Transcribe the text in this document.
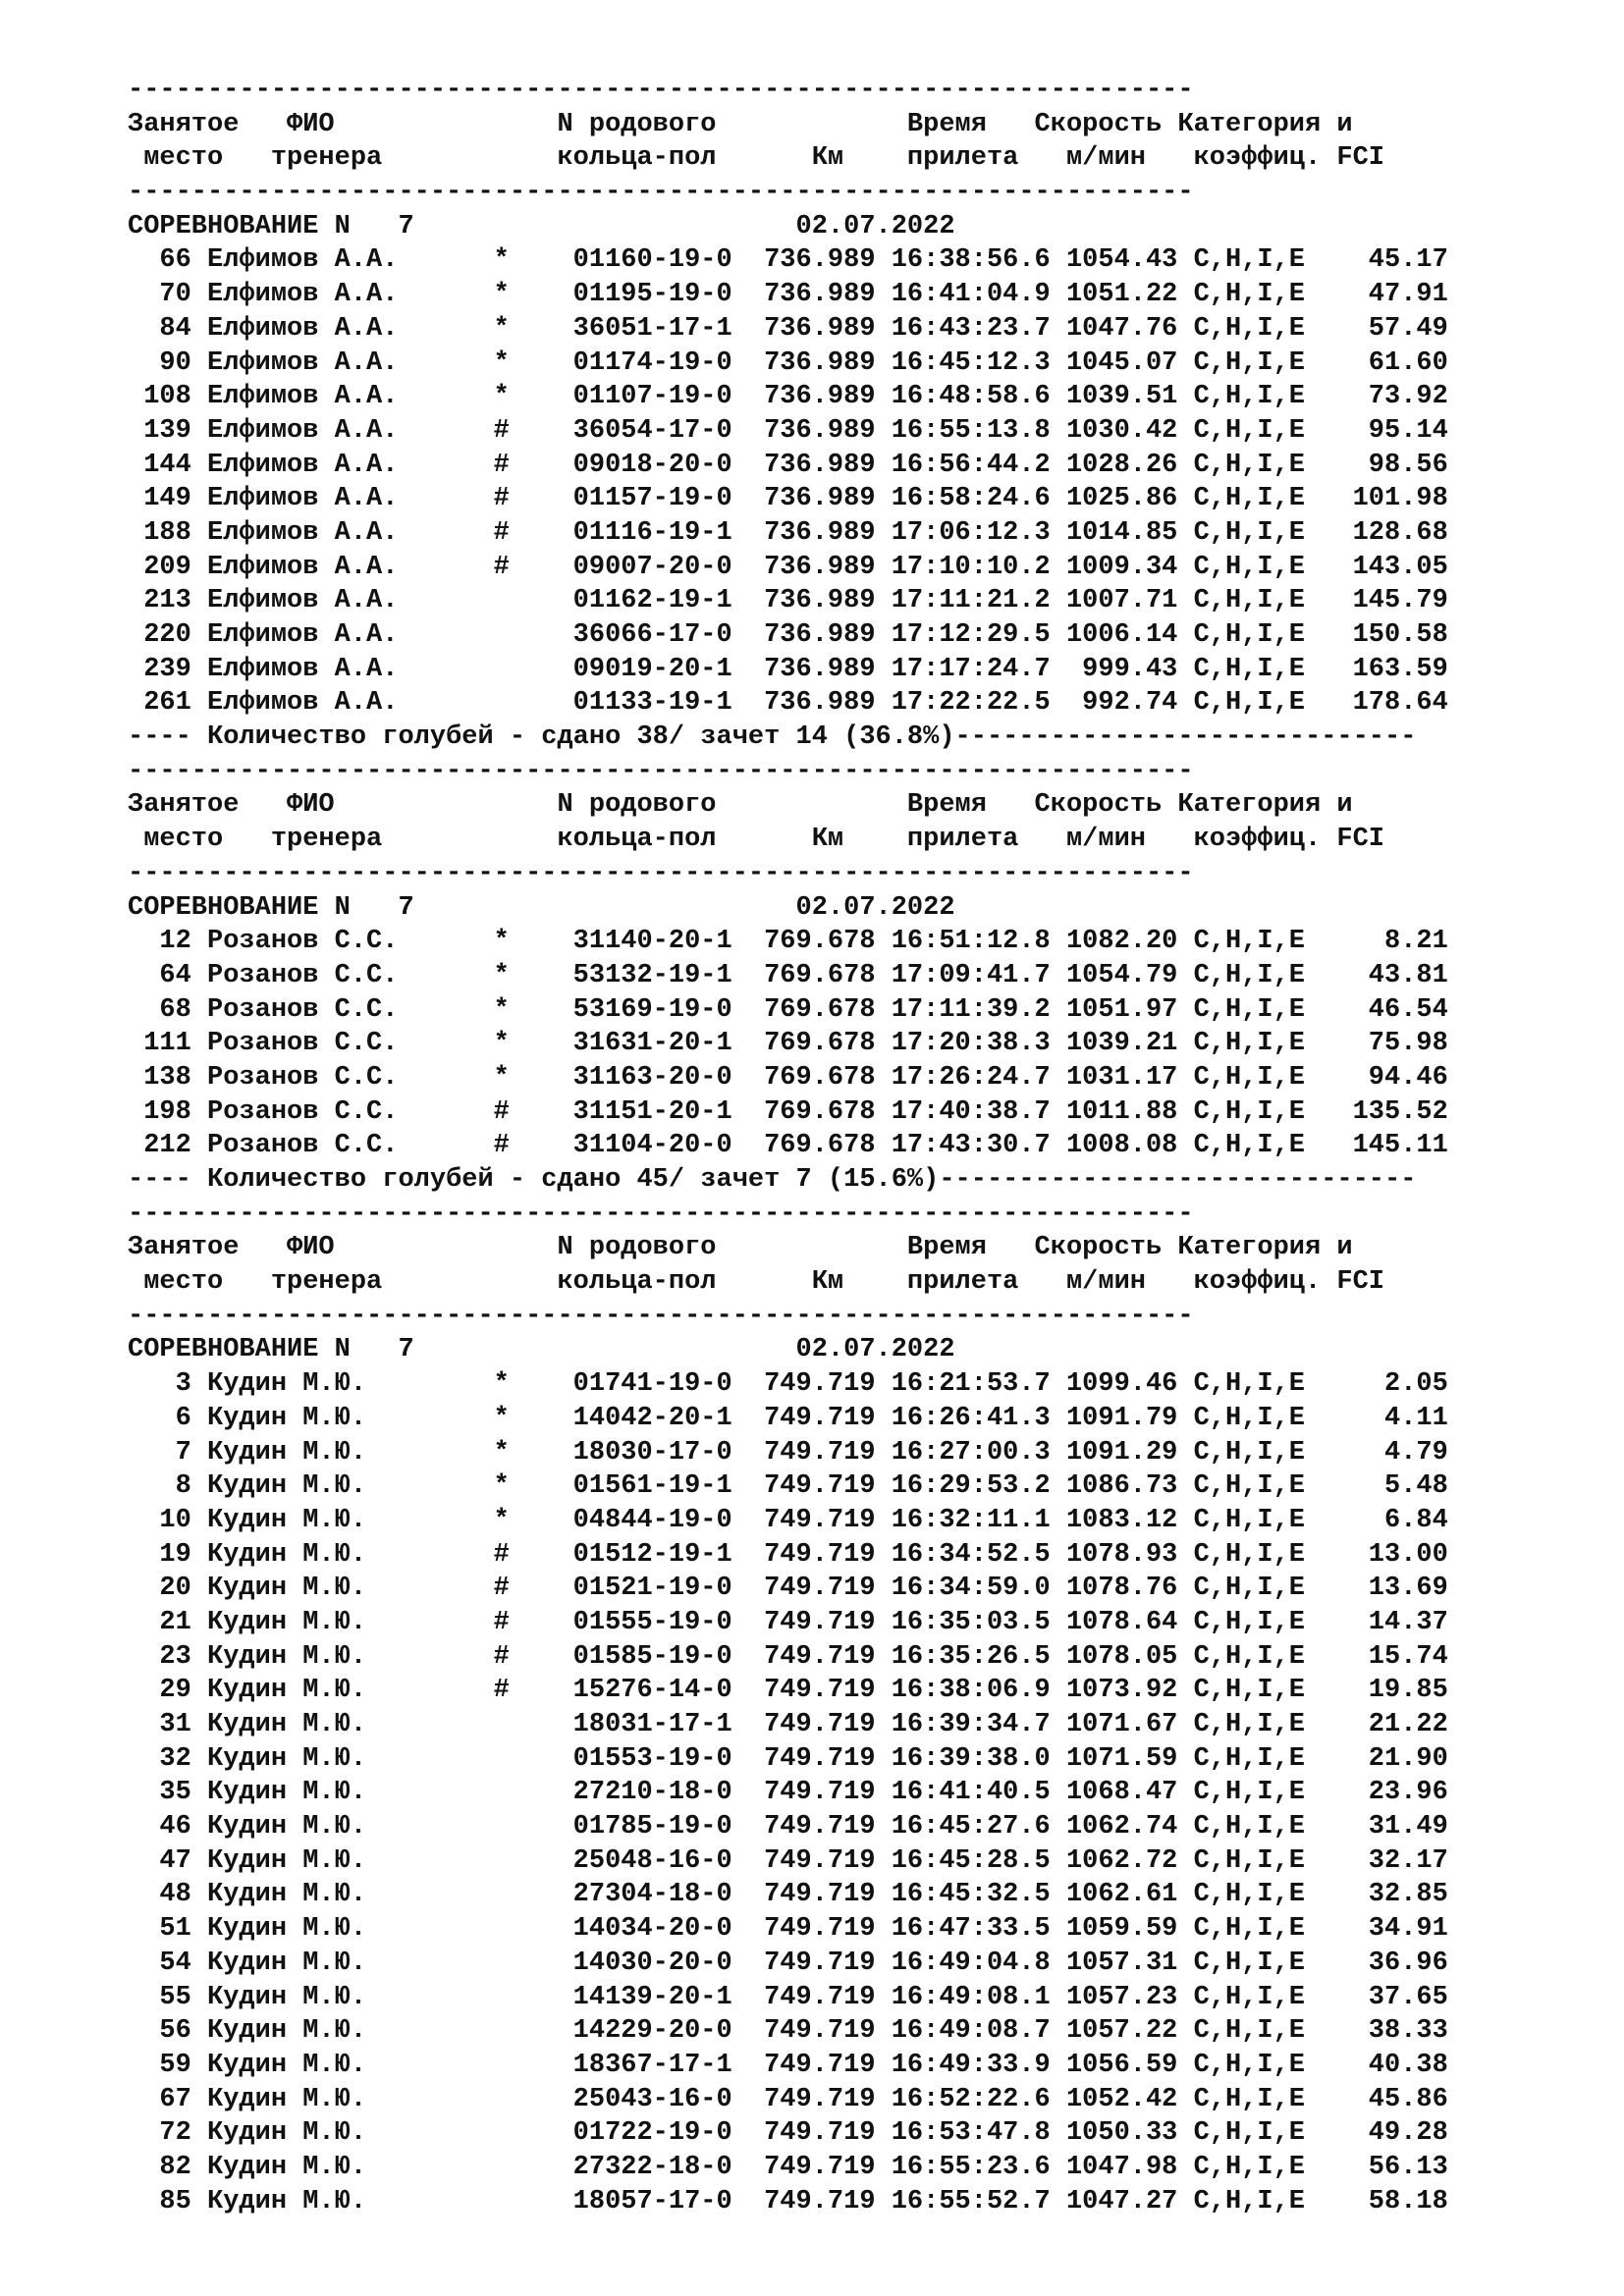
-------------------------------------------------------------------
Занятое   ФИО              N родового            Время   Скорость Категория и
место   тренера           кольца-пол      Км    прилета   м/мин   коэффиц. FCI
-------------------------------------------------------------------
СОРЕВНОВАНИЕ N   7                        02.07.2022
66 Елфимов А.А.      *    01160-19-0  736.989 16:38:56.6 1054.43 C,H,I,E    45.17
70 Елфимов А.А.      *    01195-19-0  736.989 16:41:04.9 1051.22 C,H,I,E    47.91
84 Елфимов А.А.      *    36051-17-1  736.989 16:43:23.7 1047.76 C,H,I,E    57.49
90 Елфимов А.А.      *    01174-19-0  736.989 16:45:12.3 1045.07 C,H,I,E    61.60
108 Елфимов А.А.      *    01107-19-0  736.989 16:48:58.6 1039.51 C,H,I,E    73.92
139 Елфимов А.А.      #    36054-17-0  736.989 16:55:13.8 1030.42 C,H,I,E    95.14
144 Елфимов А.А.      #    09018-20-0  736.989 16:56:44.2 1028.26 C,H,I,E    98.56
149 Елфимов А.А.      #    01157-19-0  736.989 16:58:24.6 1025.86 C,H,I,E   101.98
188 Елфимов А.А.      #    01116-19-1  736.989 17:06:12.3 1014.85 C,H,I,E   128.68
209 Елфимов А.А.      #    09007-20-0  736.989 17:10:10.2 1009.34 C,H,I,E   143.05
213 Елфимов А.А.           01162-19-1  736.989 17:11:21.2 1007.71 C,H,I,E   145.79
220 Елфимов А.А.           36066-17-0  736.989 17:12:29.5 1006.14 C,H,I,E   150.58
239 Елфимов А.А.           09019-20-1  736.989 17:17:24.7  999.43 C,H,I,E   163.59
261 Елфимов А.А.           01133-19-1  736.989 17:22:22.5  992.74 C,H,I,E   178.64
---- Количество голубей - сдано 38/ зачет 14 (36.8%)-----------------------------
-------------------------------------------------------------------
Занятое   ФИО              N родового            Время   Скорость Категория и
место   тренера           кольца-пол      Км    прилета   м/мин   коэффиц. FCI
-------------------------------------------------------------------
СОРЕВНОВАНИЕ N   7                        02.07.2022
12 Розанов С.С.      *    31140-20-1  769.678 16:51:12.8 1082.20 C,H,I,E     8.21
64 Розанов С.С.      *    53132-19-1  769.678 17:09:41.7 1054.79 C,H,I,E    43.81
68 Розанов С.С.      *    53169-19-0  769.678 17:11:39.2 1051.97 C,H,I,E    46.54
111 Розанов С.С.      *    31631-20-1  769.678 17:20:38.3 1039.21 C,H,I,E    75.98
138 Розанов С.С.      *    31163-20-0  769.678 17:26:24.7 1031.17 C,H,I,E    94.46
198 Розанов С.С.      #    31151-20-1  769.678 17:40:38.7 1011.88 C,H,I,E   135.52
212 Розанов С.С.      #    31104-20-0  769.678 17:43:30.7 1008.08 C,H,I,E   145.11
---- Количество голубей - сдано 45/ зачет 7 (15.6%)------------------------------
-------------------------------------------------------------------
Занятое   ФИО              N родового            Время   Скорость Категория и
место   тренера           кольца-пол      Км    прилета   м/мин   коэффиц. FCI
-------------------------------------------------------------------
СОРЕВНОВАНИЕ N   7                        02.07.2022
3 Кудин М.Ю.        *    01741-19-0  749.719 16:21:53.7 1099.46 C,H,I,E     2.05
6 Кудин М.Ю.        *    14042-20-1  749.719 16:26:41.3 1091.79 C,H,I,E     4.11
7 Кудин М.Ю.        *    18030-17-0  749.719 16:27:00.3 1091.29 C,H,I,E     4.79
8 Кудин М.Ю.        *    01561-19-1  749.719 16:29:53.2 1086.73 C,H,I,E     5.48
10 Кудин М.Ю.        *    04844-19-0  749.719 16:32:11.1 1083.12 C,H,I,E     6.84
19 Кудин М.Ю.        #    01512-19-1  749.719 16:34:52.5 1078.93 C,H,I,E    13.00
20 Кудин М.Ю.        #    01521-19-0  749.719 16:34:59.0 1078.76 C,H,I,E    13.69
21 Кудин М.Ю.        #    01555-19-0  749.719 16:35:03.5 1078.64 C,H,I,E    14.37
23 Кудин М.Ю.        #    01585-19-0  749.719 16:35:26.5 1078.05 C,H,I,E    15.74
29 Кудин М.Ю.        #    15276-14-0  749.719 16:38:06.9 1073.92 C,H,I,E    19.85
31 Кудин М.Ю.             18031-17-1  749.719 16:39:34.7 1071.67 C,H,I,E    21.22
32 Кудин М.Ю.             01553-19-0  749.719 16:39:38.0 1071.59 C,H,I,E    21.90
35 Кудин М.Ю.             27210-18-0  749.719 16:41:40.5 1068.47 C,H,I,E    23.96
46 Кудин М.Ю.             01785-19-0  749.719 16:45:27.6 1062.74 C,H,I,E    31.49
47 Кудин М.Ю.             25048-16-0  749.719 16:45:28.5 1062.72 C,H,I,E    32.17
48 Кудин М.Ю.             27304-18-0  749.719 16:45:32.5 1062.61 C,H,I,E    32.85
51 Кудин М.Ю.             14034-20-0  749.719 16:47:33.5 1059.59 C,H,I,E    34.91
54 Кудин М.Ю.             14030-20-0  749.719 16:49:04.8 1057.31 C,H,I,E    36.96
55 Кудин М.Ю.             14139-20-1  749.719 16:49:08.1 1057.23 C,H,I,E    37.65
56 Кудин М.Ю.             14229-20-0  749.719 16:49:08.7 1057.22 C,H,I,E    38.33
59 Кудин М.Ю.             18367-17-1  749.719 16:49:33.9 1056.59 C,H,I,E    40.38
67 Кудин М.Ю.             25043-16-0  749.719 16:52:22.6 1052.42 C,H,I,E    45.86
72 Кудин М.Ю.             01722-19-0  749.719 16:53:47.8 1050.33 C,H,I,E    49.28
82 Кудин М.Ю.             27322-18-0  749.719 16:55:23.6 1047.98 C,H,I,E    56.13
85 Кудин М.Ю.             18057-17-0  749.719 16:55:52.7 1047.27 C,H,I,E    58.18
